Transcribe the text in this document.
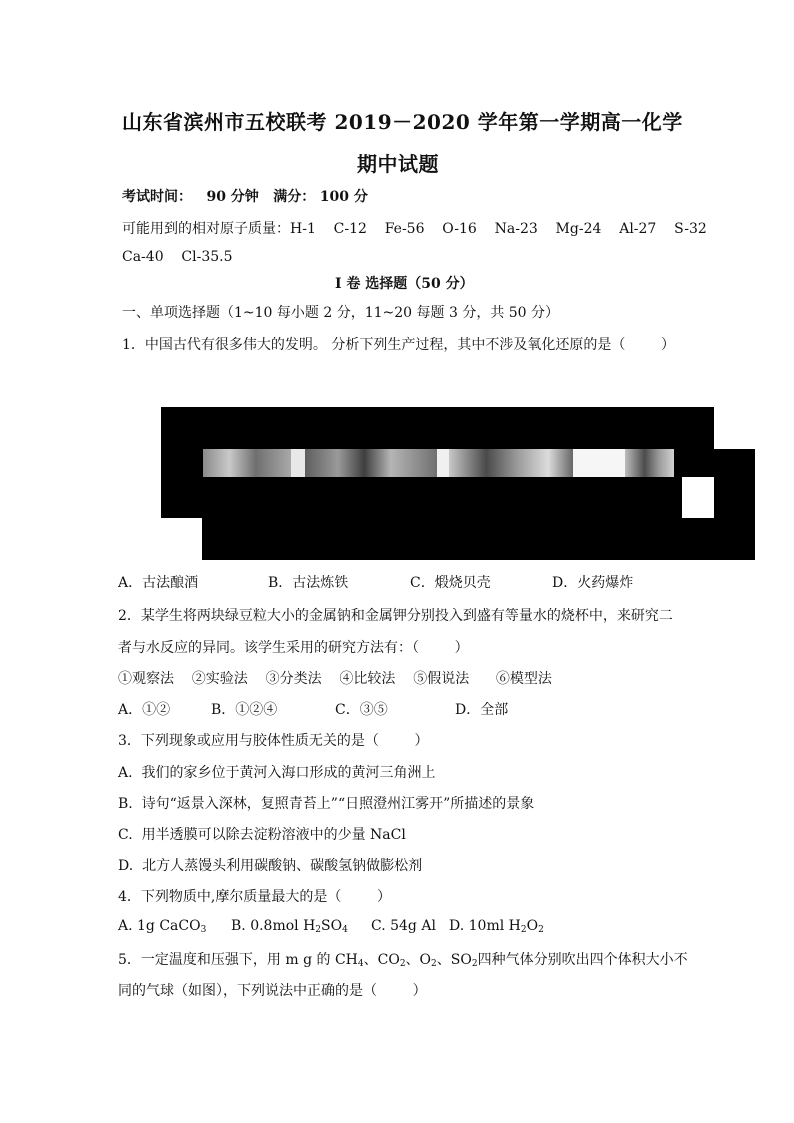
山东省滨州市五校联考 2019－2020 学年第一学期高一化学
期中试题
考试时间： 90 分钟 满分： 100 分
可能用到的相对原子质量：H-1    C-12    Fe-56    O-16    Na-23    Mg-24    Al-27    S-32
Ca-40    Cl-35.5
I 卷 选择题（50 分）
一、单项选择题（1~10 每小题 2 分，11~20 每题 3 分，共 50 分）
1．中国古代有很多伟大的发明。 分析下列生产过程，其中不涉及氧化还原的是（        ）
A．古法酿酒	B．古法炼铁	C．煅烧贝壳	D．火药爆炸
2．某学生将两块绿豆粒大小的金属钠和金属钾分别投入到盛有等量水的烧杯中，来研究二
者与水反应的异同。该学生采用的研究方法有：（        ）
①观察法    ②实验法    ③分类法    ④比较法    ⑤假说法      ⑥模型法
A．①②	B．①②④	C．③⑤	D．全部
3．下列现象或应用与胶体性质无关的是（        ）
A.  我们的家乡位于黄河入海口形成的黄河三角洲上
B.  诗句“返景入深林，复照青苔上”“日照澄州江雾开”所描述的景象
C.  用半透膜可以除去淀粉溶液中的少量 NaCl
D.  北方人蒸馒头利用碳酸钠、碳酸氢钠做膨松剂
4．下列物质中,摩尔质量最大的是（        ）
A. 1g CaCO$_3$ B. 0.8mol $H_2SO_4$ C. 54g Al D. 10ml $H_2O_2$
5．一定温度和压强下，用 m g 的 $CH_4$、$CO_2$、$O_2$、$SO_2$四种气体分别吹出四个体积大小不
同的气球（如图），下列说法中正确的是（        ）
